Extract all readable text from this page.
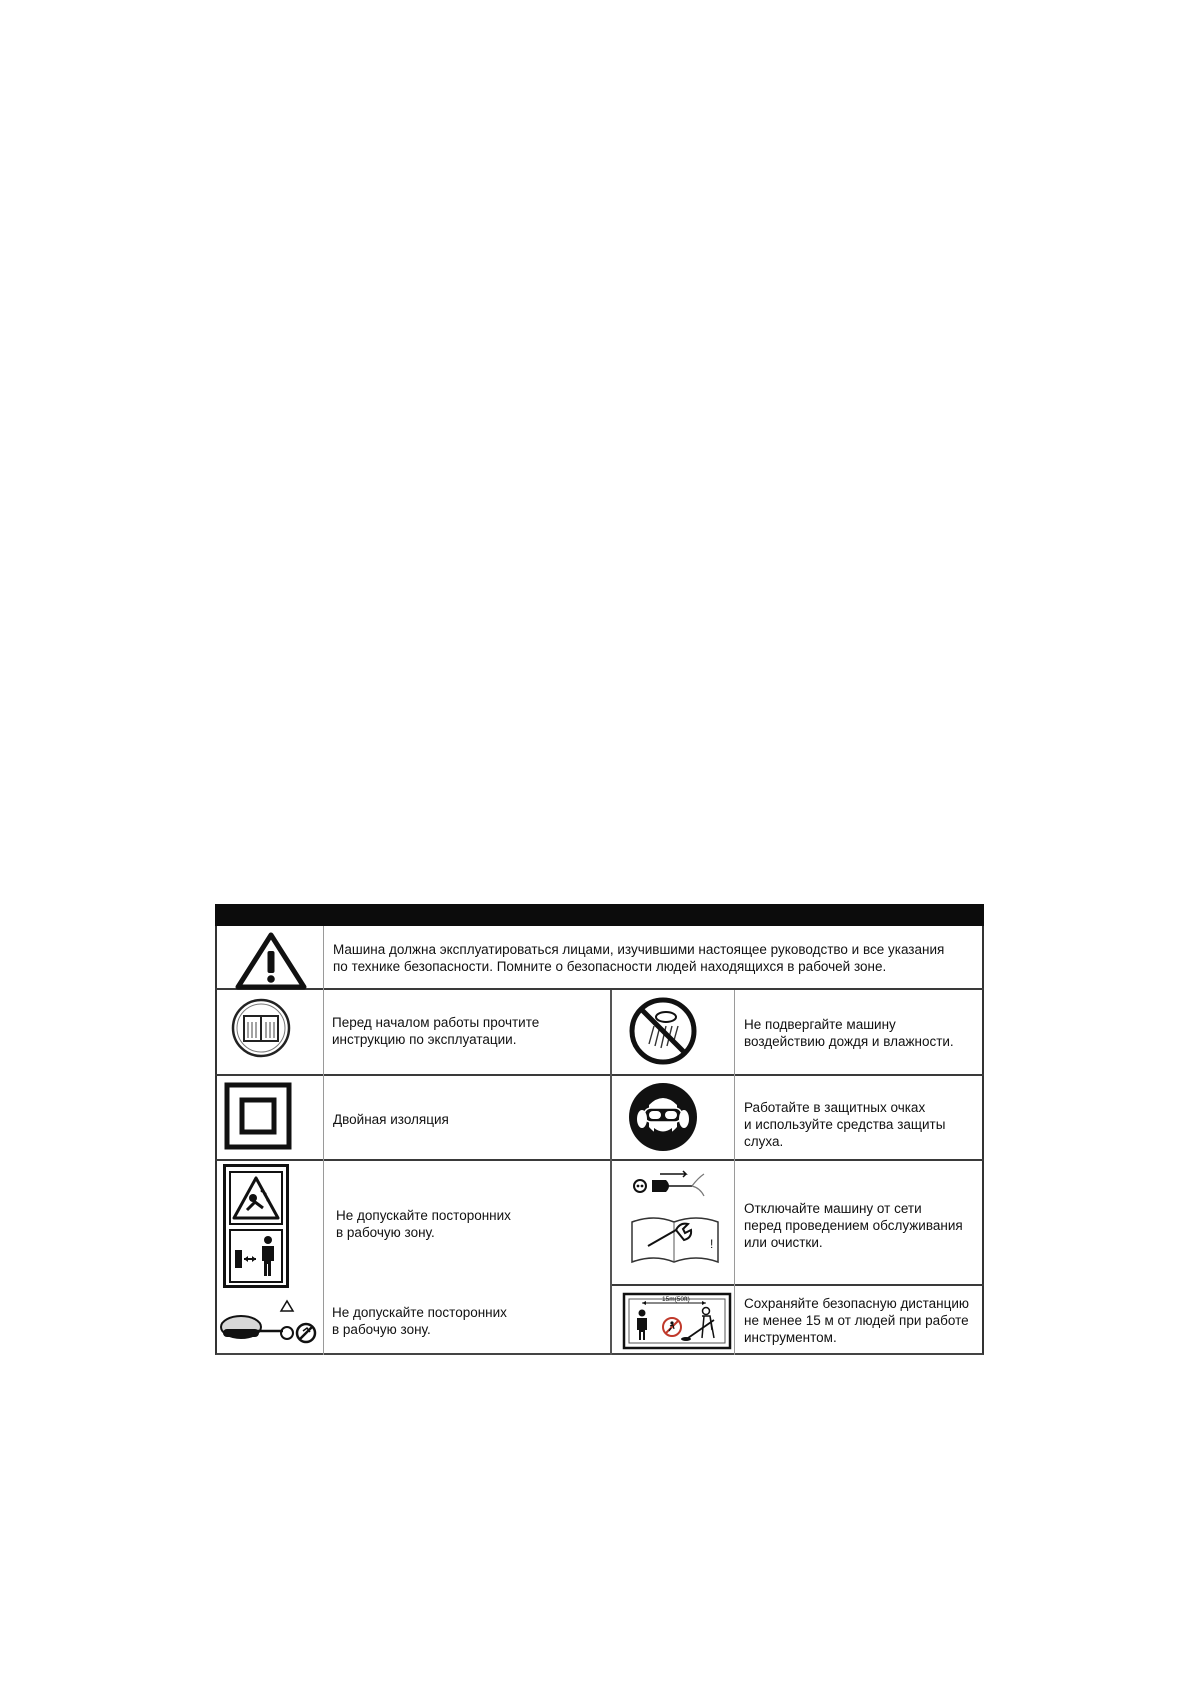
Машина должна эксплуатироваться лицами, изучившими настоящее руководство и все указания
по технике безопасности. Помните о безопасности людей находящихся в рабочей зоне.
Перед началом работы прочтите
инструкцию по эксплуатации.
Двойная изоляция
Не допускайте посторонних
в рабочую зону.
Не допускайте посторонних
в рабочую зону.
Не подвергайте машину
воздействию дождя и влажности.
Работайте в защитных очках
и используйте средства защиты
слуха.
!
Отключайте машину от сети
перед проведением обслуживания
или очистки.
15m(50ft)	Сохраняйте безопасную дистанцию
не менее 15 м от людей при работе
инструментом.
